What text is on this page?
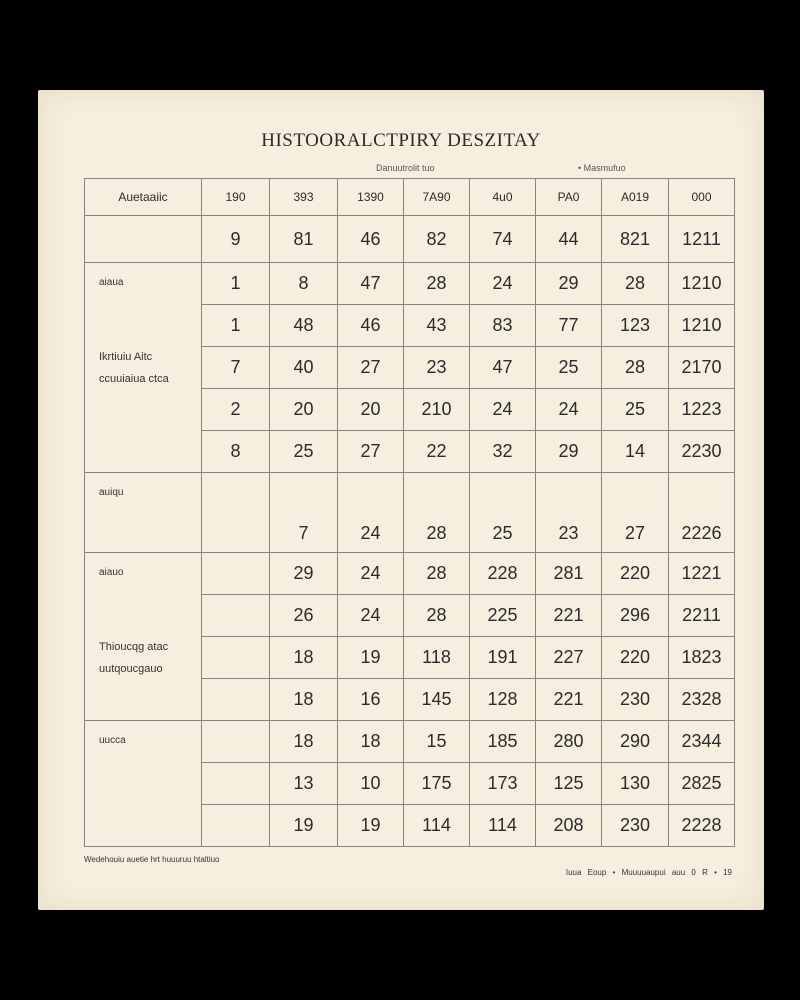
HISTOORALCTPIRY DESZITAY
Danuutrolit tuo	• Masmufuo
Auetaaiic	190	393	1390	7A90	4u0	PA0	A019	000
	9	81	46	82	74	44	821	1211

aiaua
Ikrtiuiu Aitc
ccuuiaiua ctca	1	8	47	28	24	29	28	1210
	1	48	46	43	83	77	123	1210
	7	40	27	23	47	25	28	2170
	2	20	20	210	24	24	25	1223
	8	25	27	22	32	29	14	2230

auiqu		7	24	28	25	23	27	2226

aiauo
Thioucqg atac
uutqoucgauo		29	24	28	228	281	220	1221
		26	24	28	225	221	296	2211
		18	19	118	191	227	220	1823
		18	16	145	128	221	230	2328

uucca		18	18	15	185	280	290	2344
		13	10	175	173	125	130	2825
		19	19	114	114	208	230	2228
Wedehouiu auetie hrt huuuruu htaltiuo
Iuua Eoup • Muuuuaupui auu 0 R • 19
